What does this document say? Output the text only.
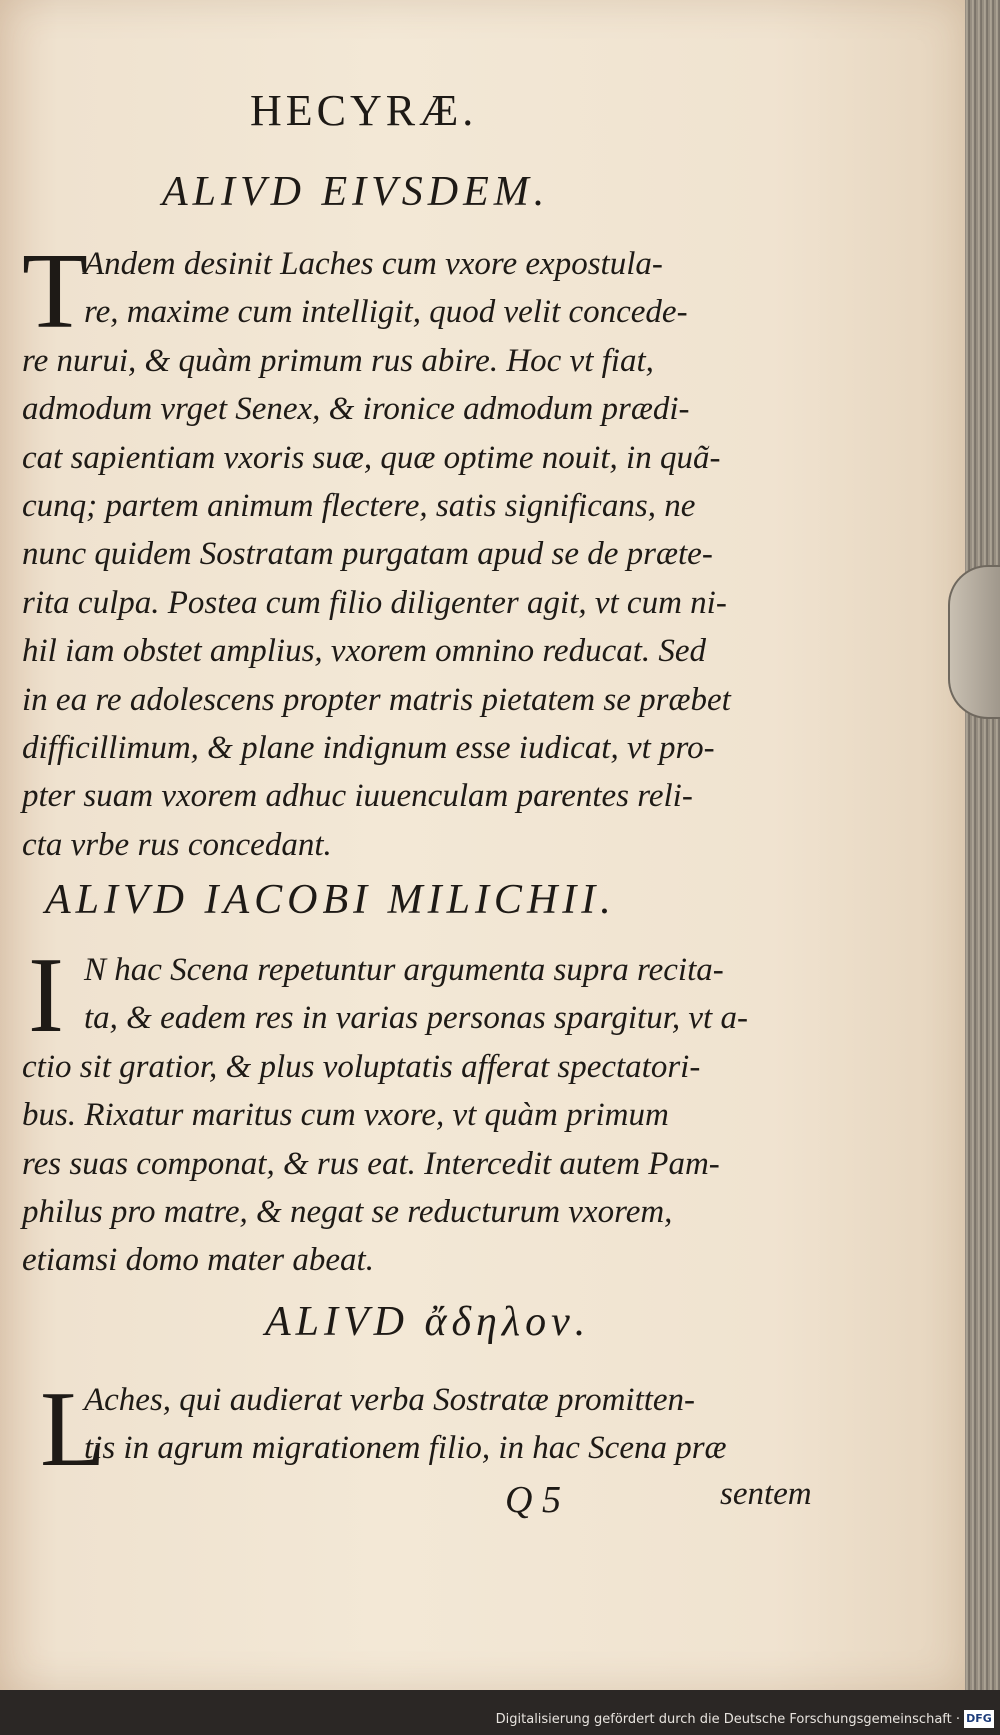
HECYRÆ.
ALIVD EIVSDEM.
T
Andem desinit Laches cum vxore expostula-
re, maxime cum intelligit, quod velit concede-
re nurui, & quàm primum rus abire. Hoc vt fiat,
admodum vrget Senex, & ironice admodum prædi-
cat sapientiam vxoris suæ, quæ optime nouit, in quã-
cunq; partem animum flectere, satis significans, ne
nunc quidem Sostratam purgatam apud se de præte-
rita culpa. Postea cum filio diligenter agit, vt cum ni-
hil iam obstet amplius, vxorem omnino reducat. Sed
in ea re adolescens propter matris pietatem se præbet
difficillimum, & plane indignum esse iudicat, vt pro-
pter suam vxorem adhuc iuuenculam parentes reli-
cta vrbe rus concedant.
ALIVD IACOBI MILICHII.
I N hac Scena repetuntur argumenta supra recita-
ta, & eadem res in varias personas spargitur, vt a-
ctio sit gratior, & plus voluptatis afferat spectatori-
bus. Rixatur maritus cum vxore, vt quàm primum
res suas componat, & rus eat. Intercedit autem Pam-
philus pro matre, & negat se reducturum vxorem,
etiamsi domo mater abeat.
ALIVD ἄδηλον.
L
Aches, qui audierat verba Sostratæ promitten-
tis in agrum migrationem filio, in hac Scena præ
Q 5	sentem
Digitalisierung gefördert durch die Deutsche Forschungsgemeinschaft · DFG
